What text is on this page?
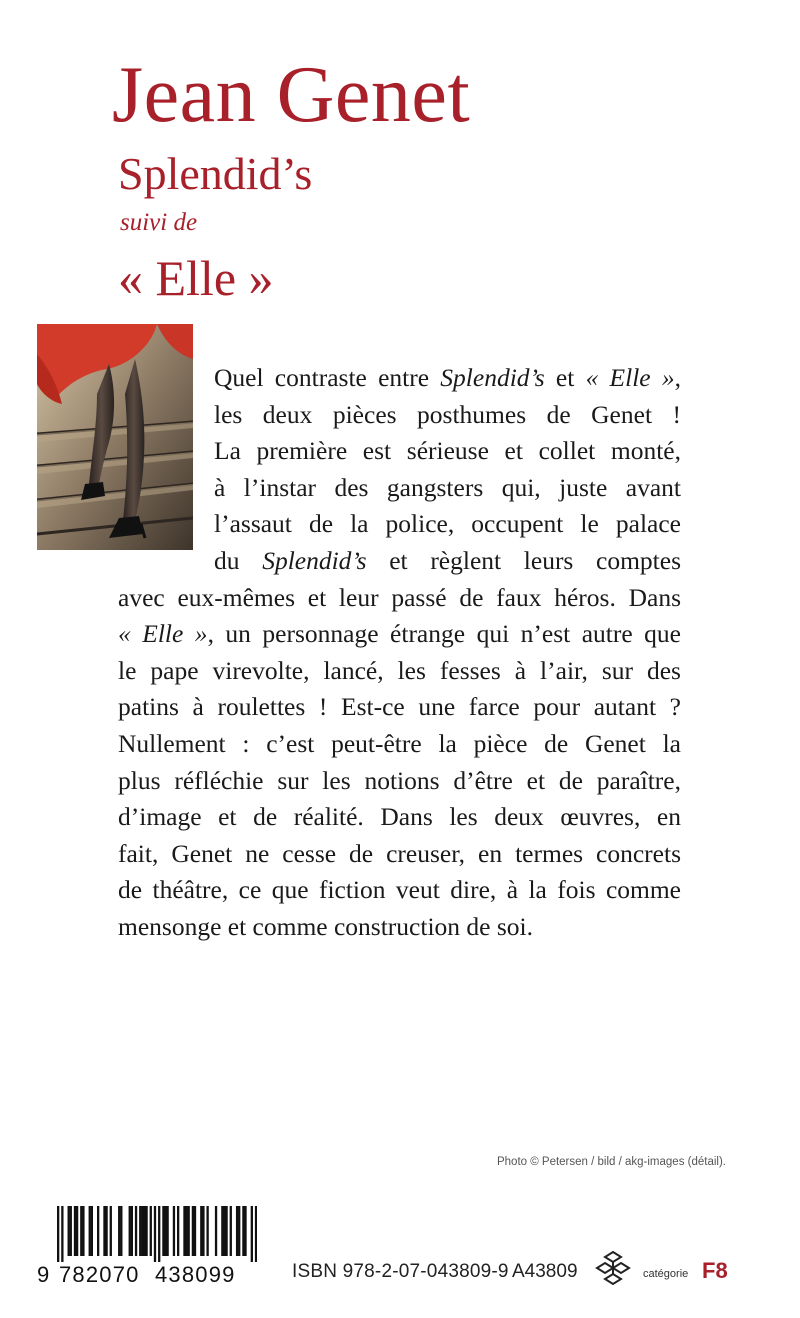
Jean Genet
Splendid’s
suivi de
« Elle »
Quel contraste entre Splendid’s et « Elle »,
les deux pièces posthumes de Genet !
La première est sérieuse et collet monté,
à l’instar des gangsters qui, juste avant
l’assaut de la police, occupent le palace
du Splendid’s et règlent leurs comptes
avec eux-mêmes et leur passé de faux héros. Dans
« Elle », un personnage étrange qui n’est autre que
le pape virevolte, lancé, les fesses à l’air, sur des
patins à roulettes ! Est-ce une farce pour autant ?
Nullement : c’est peut-être la pièce de Genet la
plus réfléchie sur les notions d’être et de paraître,
d’image et de réalité. Dans les deux œuvres, en
fait, Genet ne cesse de creuser, en termes concrets
de théâtre, ce que fiction veut dire, à la fois comme
mensonge et comme construction de soi.
Photo © Petersen / bild / akg-images (détail).
9 782070 438099	ISBN 978-2-07-043809-9 A43809	catégorie F8
